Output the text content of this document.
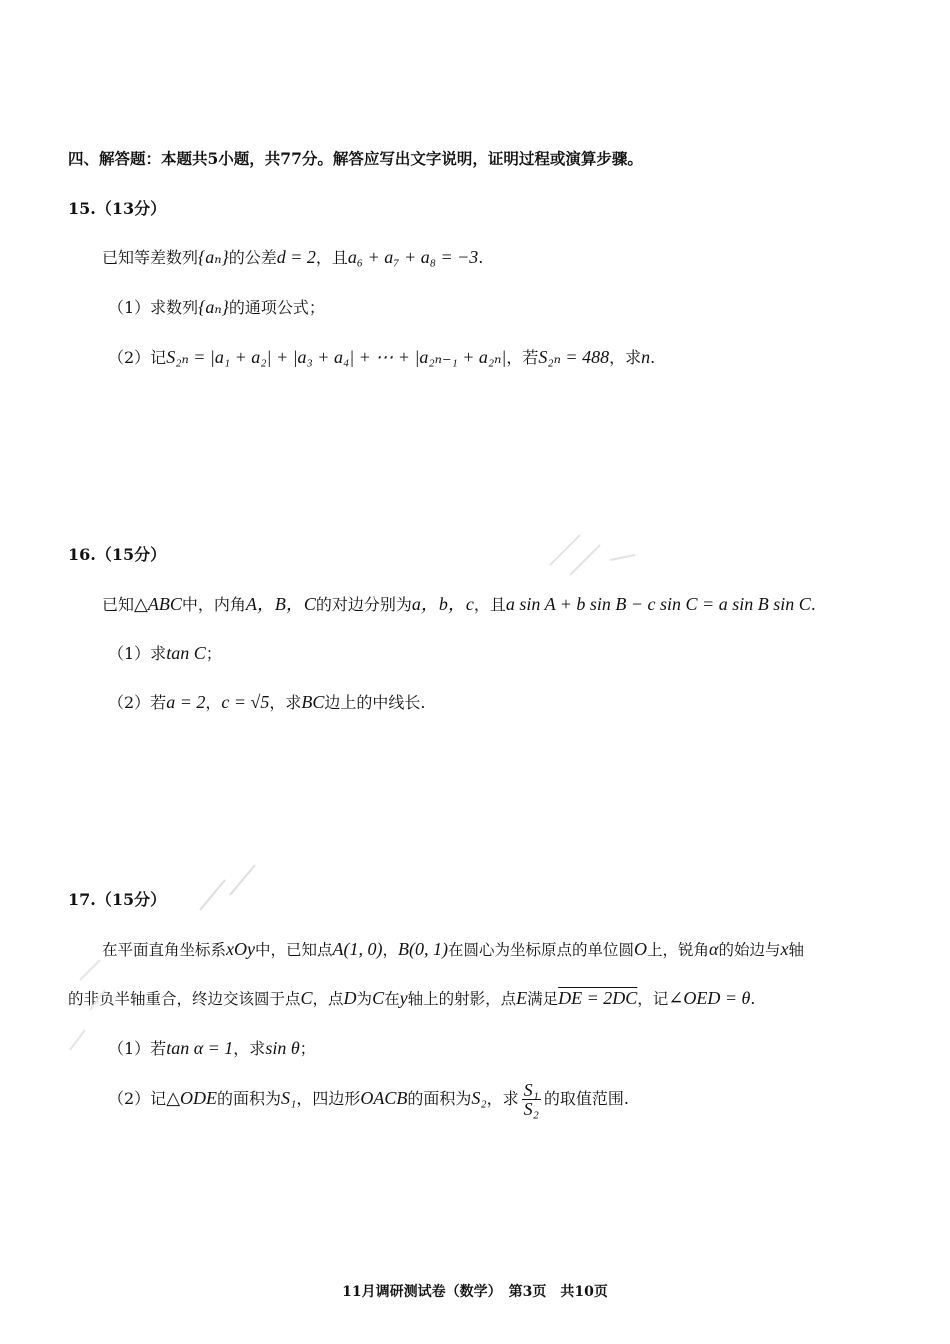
四、解答题：本题共5小题，共77分。解答应写出文字说明，证明过程或演算步骤。
15.（13分）
已知等差数列{aₙ}的公差d = 2，且a₆ + a₇ + a₈ = −3.
（1）求数列{aₙ}的通项公式；
（2）记S₂ₙ = |a₁ + a₂| + |a₃ + a₄| + ⋯ + |a₂ₙ₋₁ + a₂ₙ|，若S₂ₙ = 488，求n.
16.（15分）
已知△ABC中，内角A，B，C的对边分别为a，b，c，且a sin A + b sin B − c sin C = a sin B sin C.
（1）求tan C；
（2）若a = 2，c = √5，求BC边上的中线长.
17.（15分）
在平面直角坐标系xOy中，已知点A(1, 0)，B(0, 1)在圆心为坐标原点的单位圆O上，锐角α的始边与x轴
的非负半轴重合，终边交该圆于点C，点D为C在y轴上的射影，点E满足DE = 2DC，记∠OED = θ.
（1）若tan α = 1，求sin θ；
（2）记△ODE的面积为S₁，四边形OACB的面积为S₂，求 $\frac{\text{S₁}}{\text{S₂}}$ 的取值范围.
11月调研测试卷（数学）　第3页　共10页
